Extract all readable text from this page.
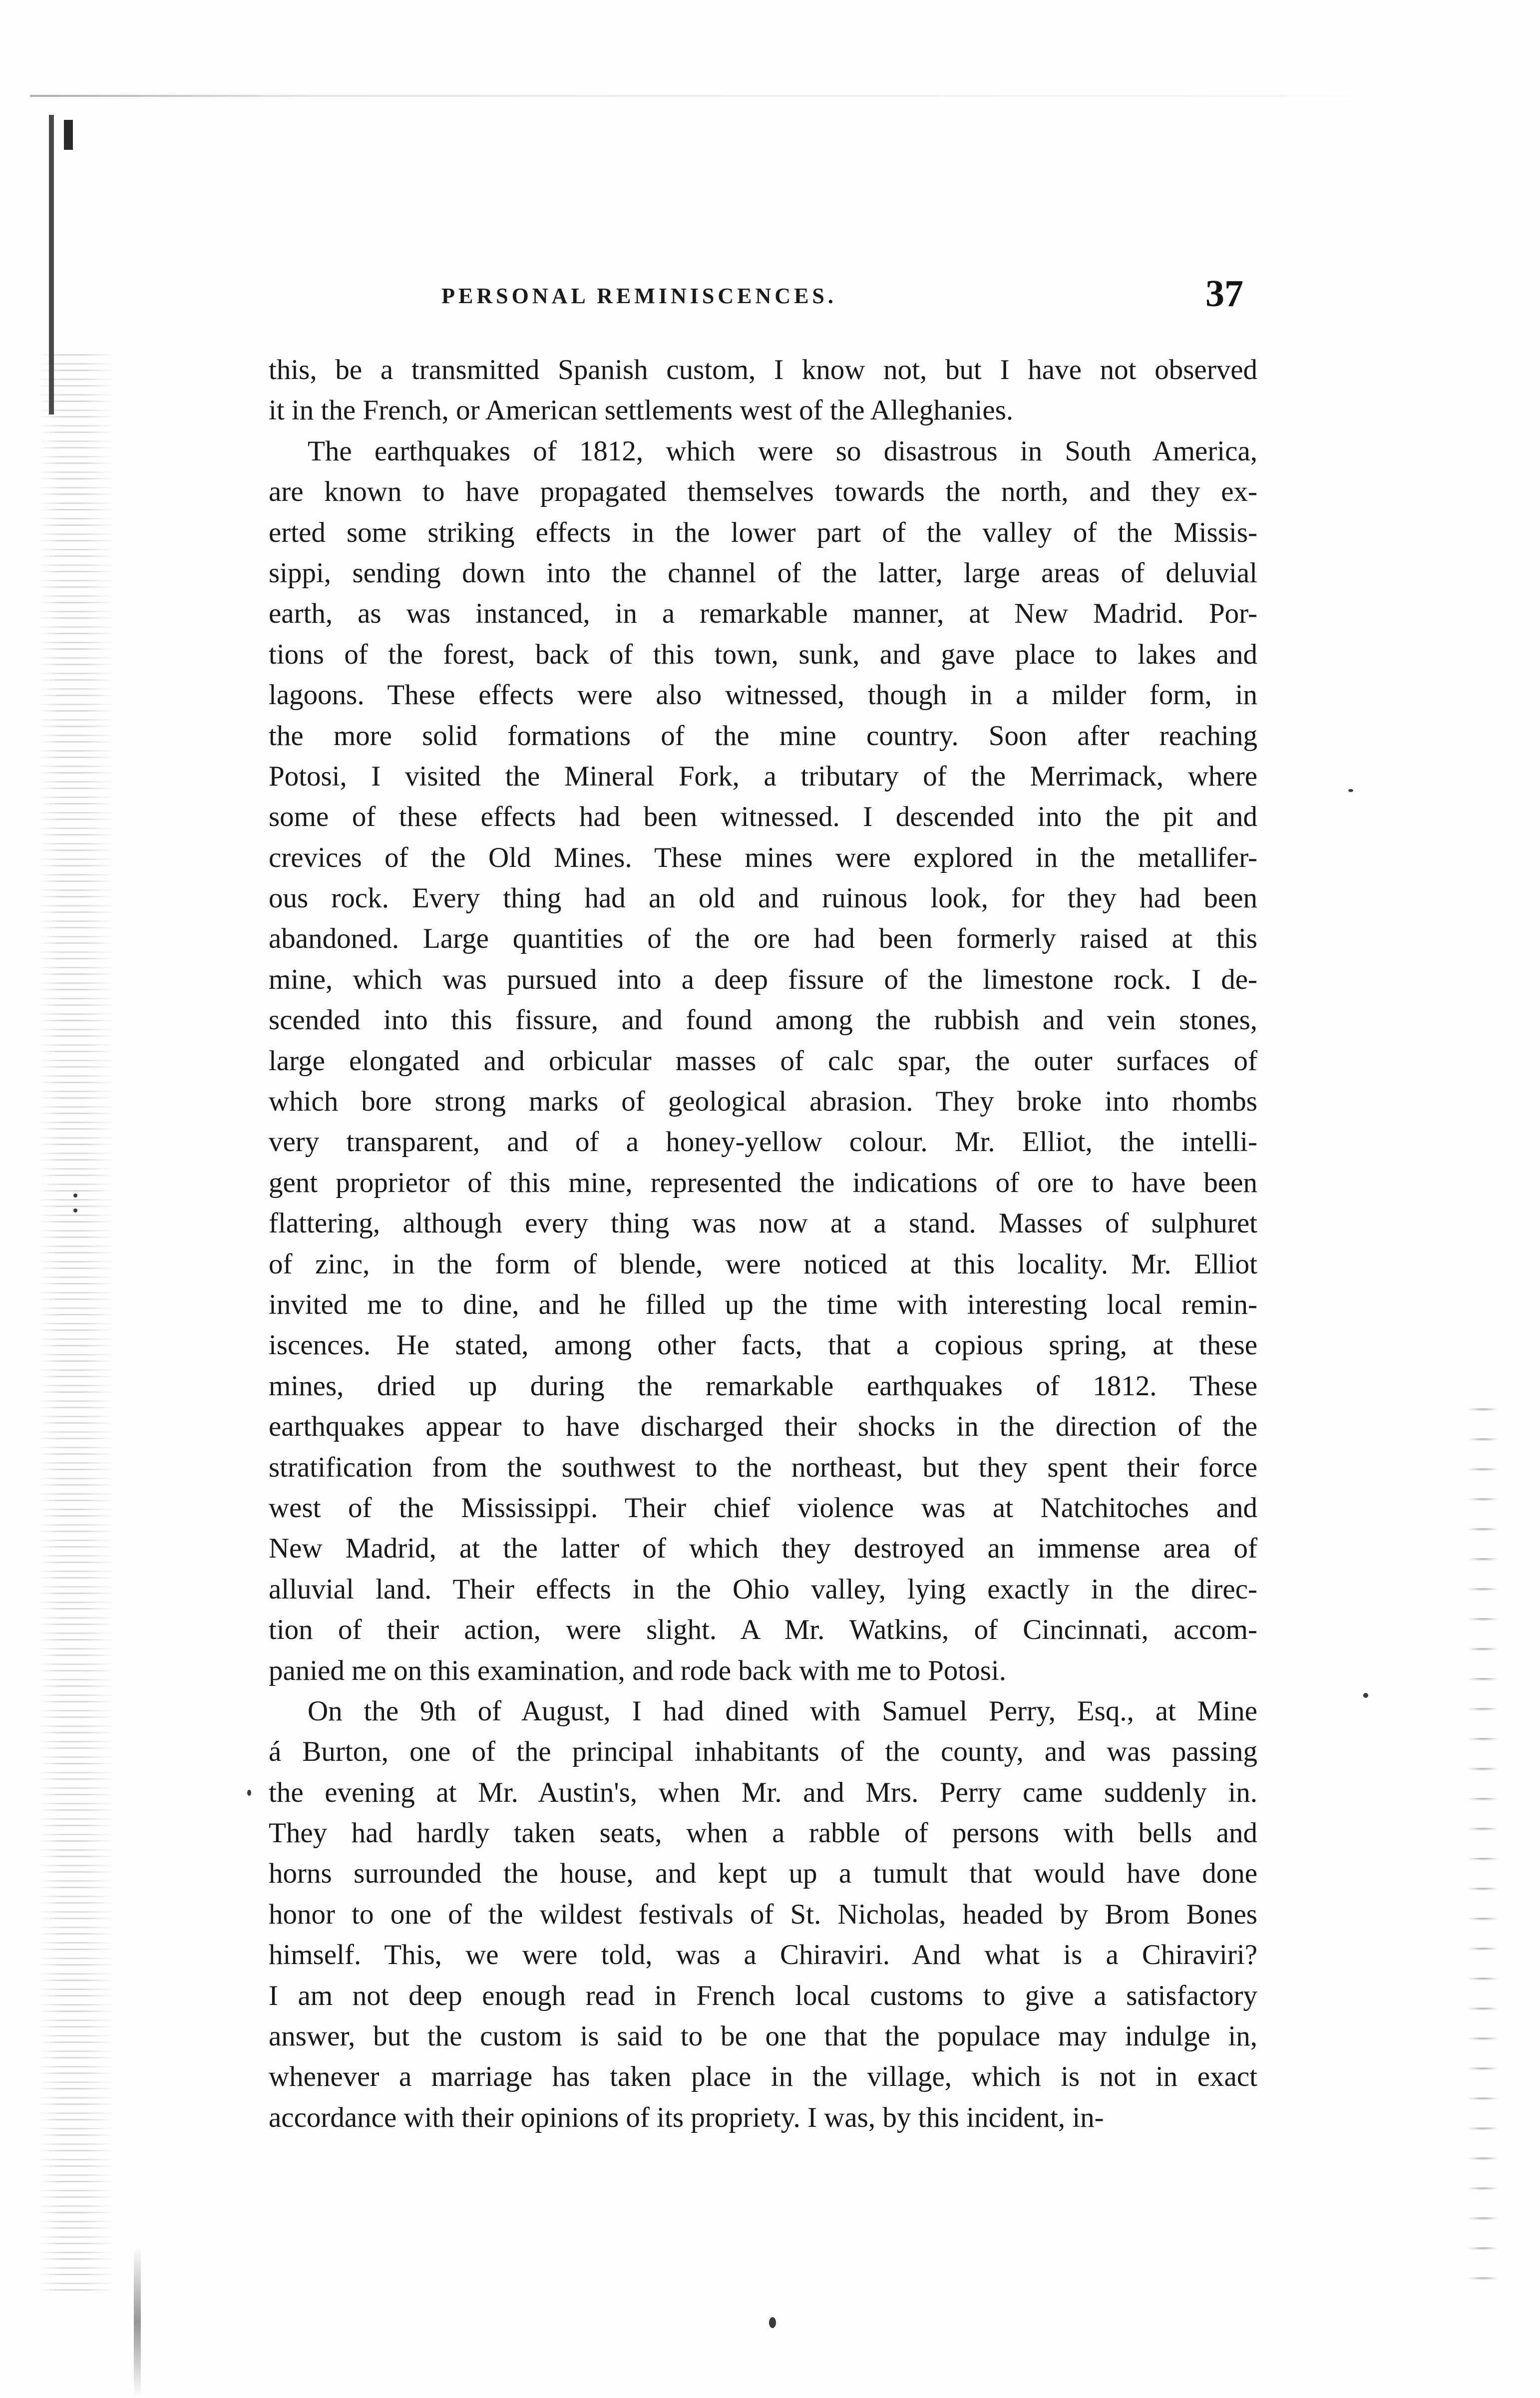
PERSONAL REMINISCENCES.	37
this, be a transmitted Spanish custom, I know not, but I have not observed
it in the French, or American settlements west of the Alleghanies.
The earthquakes of 1812, which were so disastrous in South America,
are known to have propagated themselves towards the north, and they ex-
erted some striking effects in the lower part of the valley of the Missis-
sippi, sending down into the channel of the latter, large areas of deluvial
earth, as was instanced, in a remarkable manner, at New Madrid. Por-
tions of the forest, back of this town, sunk, and gave place to lakes and
lagoons. These effects were also witnessed, though in a milder form, in
the more solid formations of the mine country. Soon after reaching
Potosi, I visited the Mineral Fork, a tributary of the Merrimack, where
some of these effects had been witnessed. I descended into the pit and
crevices of the Old Mines. These mines were explored in the metallifer-
ous rock. Every thing had an old and ruinous look, for they had been
abandoned. Large quantities of the ore had been formerly raised at this
mine, which was pursued into a deep fissure of the limestone rock. I de-
scended into this fissure, and found among the rubbish and vein stones,
large elongated and orbicular masses of calc spar, the outer surfaces of
which bore strong marks of geological abrasion. They broke into rhombs
very transparent, and of a honey-yellow colour. Mr. Elliot, the intelli-
gent proprietor of this mine, represented the indications of ore to have been
flattering, although every thing was now at a stand. Masses of sulphuret
of zinc, in the form of blende, were noticed at this locality. Mr. Elliot
invited me to dine, and he filled up the time with interesting local remin-
iscences. He stated, among other facts, that a copious spring, at these
mines, dried up during the remarkable earthquakes of 1812. These
earthquakes appear to have discharged their shocks in the direction of the
stratification from the southwest to the northeast, but they spent their force
west of the Mississippi. Their chief violence was at Natchitoches and
New Madrid, at the latter of which they destroyed an immense area of
alluvial land. Their effects in the Ohio valley, lying exactly in the direc-
tion of their action, were slight. A Mr. Watkins, of Cincinnati, accom-
panied me on this examination, and rode back with me to Potosi.
On the 9th of August, I had dined with Samuel Perry, Esq., at Mine
á Burton, one of the principal inhabitants of the county, and was passing
the evening at Mr. Austin's, when Mr. and Mrs. Perry came suddenly in.
They had hardly taken seats, when a rabble of persons with bells and
horns surrounded the house, and kept up a tumult that would have done
honor to one of the wildest festivals of St. Nicholas, headed by Brom Bones
himself. This, we were told, was a Chiraviri. And what is a Chiraviri?
I am not deep enough read in French local customs to give a satisfactory
answer, but the custom is said to be one that the populace may indulge in,
whenever a marriage has taken place in the village, which is not in exact
accordance with their opinions of its propriety. I was, by this incident, in-
